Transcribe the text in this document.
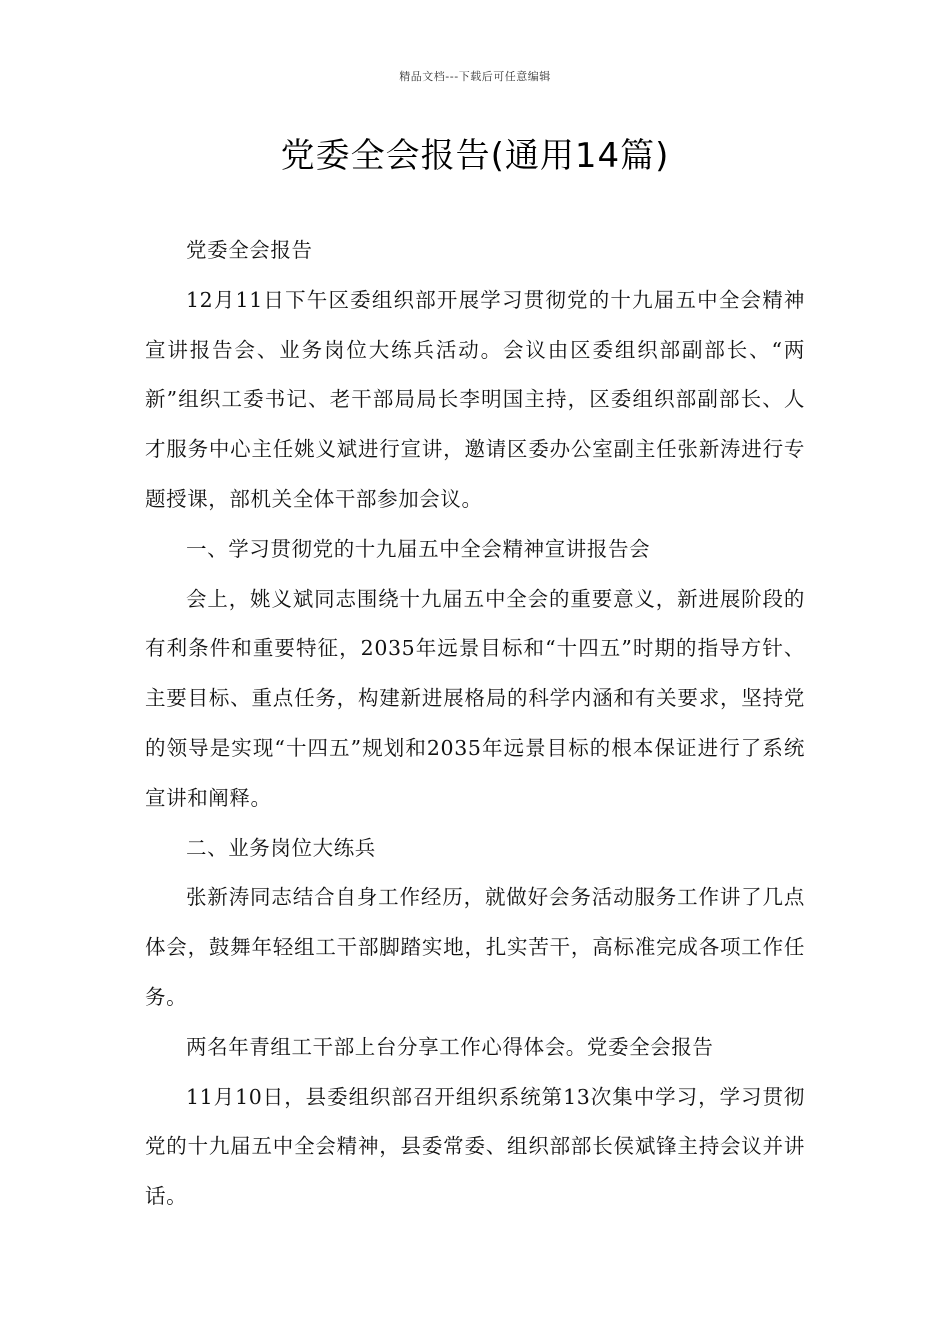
精品文档---下载后可任意编辑
党委全会报告(通用14篇)

党委全会报告

12月11日下午区委组织部开展学习贯彻党的十九届五中全会精神宣讲报告会、业务岗位大练兵活动。会议由区委组织部副部长、“两新”组织工委书记、老干部局局长李明国主持，区委组织部副部长、人才服务中心主任姚义斌进行宣讲，邀请区委办公室副主任张新涛进行专题授课，部机关全体干部参加会议。

一、学习贯彻党的十九届五中全会精神宣讲报告会

会上，姚义斌同志围绕十九届五中全会的重要意义，新进展阶段的有利条件和重要特征，2035年远景目标和“十四五”时期的指导方针、主要目标、重点任务，构建新进展格局的科学内涵和有关要求，坚持党的领导是实现“十四五”规划和2035年远景目标的根本保证进行了系统宣讲和阐释。

二、业务岗位大练兵

张新涛同志结合自身工作经历，就做好会务活动服务工作讲了几点体会，鼓舞年轻组工干部脚踏实地，扎实苦干，高标准完成各项工作任务。

两名年青组工干部上台分享工作心得体会。党委全会报告

11月10日，县委组织部召开组织系统第13次集中学习，学习贯彻党的十九届五中全会精神，县委常委、组织部部长侯斌锋主持会议并讲话。
